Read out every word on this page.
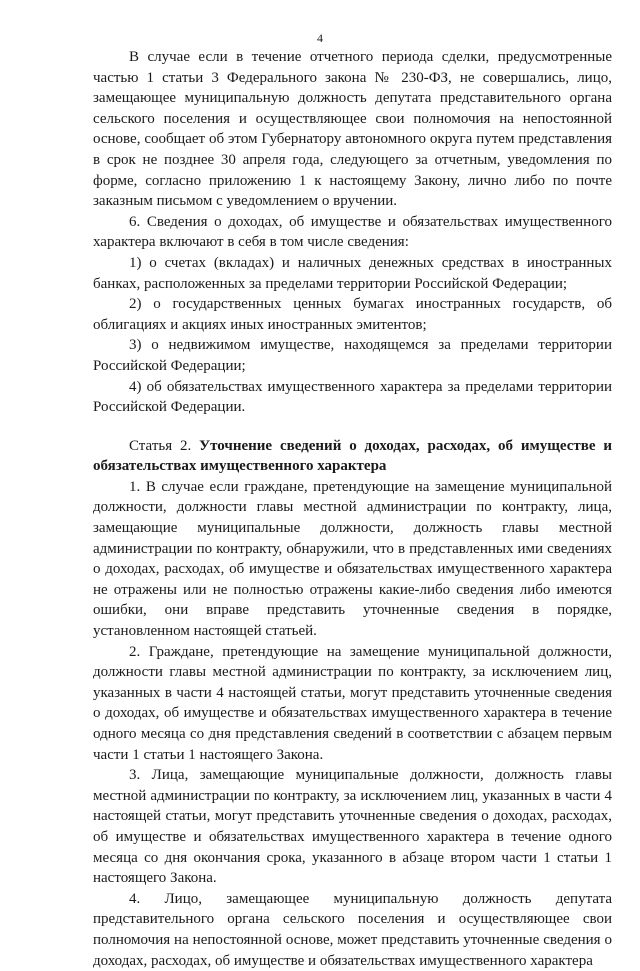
4

В случае если в течение отчетного периода сделки, предусмотренные частью 1 статьи 3 Федерального закона № 230-ФЗ, не совершались, лицо, замещающее муниципальную должность депутата представительного органа сельского поселения и осуществляющее свои полномочия на непостоянной основе, сообщает об этом Губернатору автономного округа путем представления в срок не позднее 30 апреля года, следующего за отчетным, уведомления по форме, согласно приложению 1 к настоящему Закону, лично либо по почте заказным письмом с уведомлением о вручении.

6. Сведения о доходах, об имуществе и обязательствах имущественного характера включают в себя в том числе сведения:

1) о счетах (вкладах) и наличных денежных средствах в иностранных банках, расположенных за пределами территории Российской Федерации;

2) о государственных ценных бумагах иностранных государств, об облигациях и акциях иных иностранных эмитентов;

3) о недвижимом имуществе, находящемся за пределами территории Российской Федерации;

4) об обязательствах имущественного характера за пределами территории Российской Федерации.

Статья 2. Уточнение сведений о доходах, расходах, об имуществе и обязательствах имущественного характера

1. В случае если граждане, претендующие на замещение муниципальной должности, должности главы местной администрации по контракту, лица, замещающие муниципальные должности, должность главы местной администрации по контракту, обнаружили, что в представленных ими сведениях о доходах, расходах, об имуществе и обязательствах имущественного характера не отражены или не полностью отражены какие-либо сведения либо имеются ошибки, они вправе представить уточненные сведения в порядке, установленном настоящей статьей.

2. Граждане, претендующие на замещение муниципальной должности, должности главы местной администрации по контракту, за исключением лиц, указанных в части 4 настоящей статьи, могут представить уточненные сведения о доходах, об имуществе и обязательствах имущественного характера в течение одного месяца со дня представления сведений в соответствии с абзацем первым части 1 статьи 1 настоящего Закона.

3. Лица, замещающие муниципальные должности, должность главы местной администрации по контракту, за исключением лиц, указанных в части 4 настоящей статьи, могут представить уточненные сведения о доходах, расходах, об имуществе и обязательствах имущественного характера в течение одного месяца со дня окончания срока, указанного в абзаце втором части 1 статьи 1 настоящего Закона.

4. Лицо, замещающее муниципальную должность депутата представительного органа сельского поселения и осуществляющее свои полномочия на непостоянной основе, может представить уточненные сведения о доходах, расходах, об имуществе и обязательствах имущественного характера
